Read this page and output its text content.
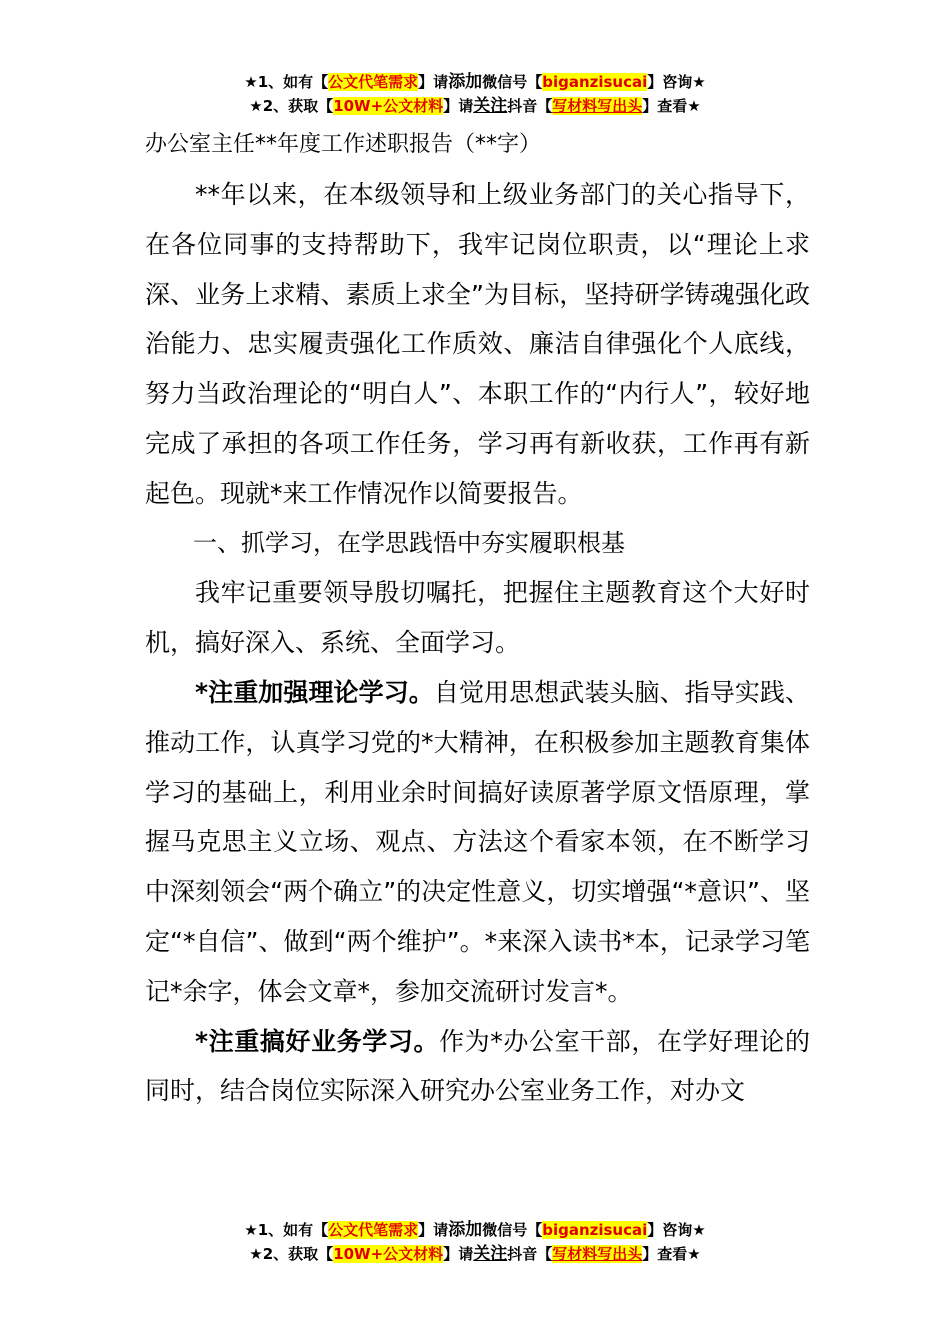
★1、如有【公文代笔需求】请添加微信号【biganzisucai】咨询★
★2、获取【10W+公文材料】请关注抖音【写材料写出头】查看★
办公室主任**年度工作述职报告（**字）

**年以来，在本级领导和上级业务部门的关心指导下，在各位同事的支持帮助下，我牢记岗位职责，以“理论上求深、业务上求精、素质上求全”为目标，坚持研学铸魂强化政治能力、忠实履责强化工作质效、廉洁自律强化个人底线，努力当政治理论的“明白人”、本职工作的“内行人”，较好地完成了承担的各项工作任务，学习再有新收获，工作再有新起色。现就*来工作情况作以简要报告。

一、抓学习，在学思践悟中夯实履职根基

我牢记重要领导殷切嘱托，把握住主题教育这个大好时机，搞好深入、系统、全面学习。

*注重加强理论学习。自觉用思想武装头脑、指导实践、推动工作，认真学习党的*大精神，在积极参加主题教育集体学习的基础上，利用业余时间搞好读原著学原文悟原理，掌握马克思主义立场、观点、方法这个看家本领，在不断学习中深刻领会“两个确立”的决定性意义，切实增强“*意识”、坚定“*自信”、做到“两个维护”。*来深入读书*本，记录学习笔记*余字，体会文章*，参加交流研讨发言*。

*注重搞好业务学习。作为*办公室干部，在学好理论的同时，结合岗位实际深入研究办公室业务工作，对办文

★1、如有【公文代笔需求】请添加微信号【biganzisucai】咨询★
★2、获取【10W+公文材料】请关注抖音【写材料写出头】查看★
